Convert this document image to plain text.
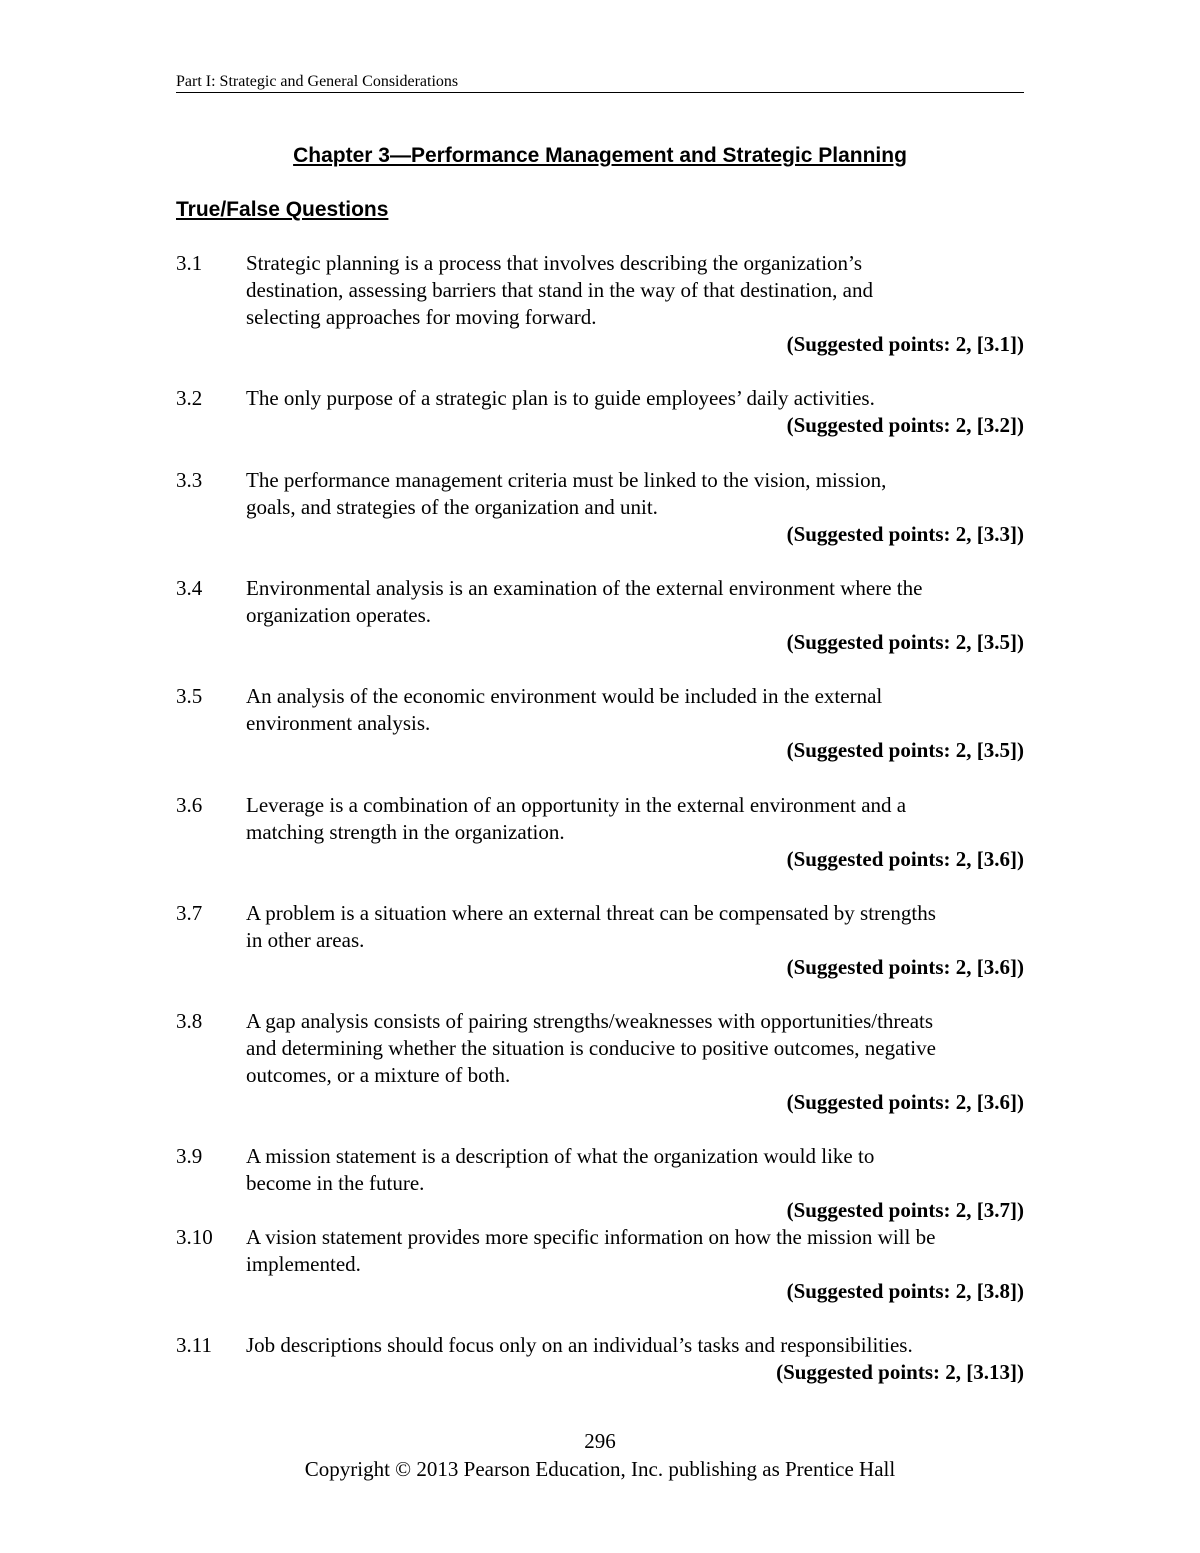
Part I: Strategic and General Considerations
Chapter 3—Performance Management and Strategic Planning
True/False Questions
3.1	Strategic planning is a process that involves describing the organization’s
destination, assessing barriers that stand in the way of that destination, and
selecting approaches for moving forward.
(Suggested points: 2, [3.1])
3.2	The only purpose of a strategic plan is to guide employees’ daily activities.
(Suggested points: 2, [3.2])
3.3	The performance management criteria must be linked to the vision, mission,
goals, and strategies of the organization and unit.
(Suggested points: 2, [3.3])
3.4	Environmental analysis is an examination of the external environment where the
organization operates.
(Suggested points: 2, [3.5])
3.5	An analysis of the economic environment would be included in the external
environment analysis.
(Suggested points: 2, [3.5])
3.6	Leverage is a combination of an opportunity in the external environment and a
matching strength in the organization.
(Suggested points: 2, [3.6])
3.7	A problem is a situation where an external threat can be compensated by strengths
in other areas.
(Suggested points: 2, [3.6])
3.8	A gap analysis consists of pairing strengths/weaknesses with opportunities/threats
and determining whether the situation is conducive to positive outcomes, negative
outcomes, or a mixture of both.
(Suggested points: 2, [3.6])
3.9	A mission statement is a description of what the organization would like to
become in the future.
(Suggested points: 2, [3.7])
3.10	A vision statement provides more specific information on how the mission will be
implemented.
(Suggested points: 2, [3.8])
3.11	Job descriptions should focus only on an individual’s tasks and responsibilities.
(Suggested points: 2, [3.13])
296
Copyright © 2013 Pearson Education, Inc. publishing as Prentice Hall
